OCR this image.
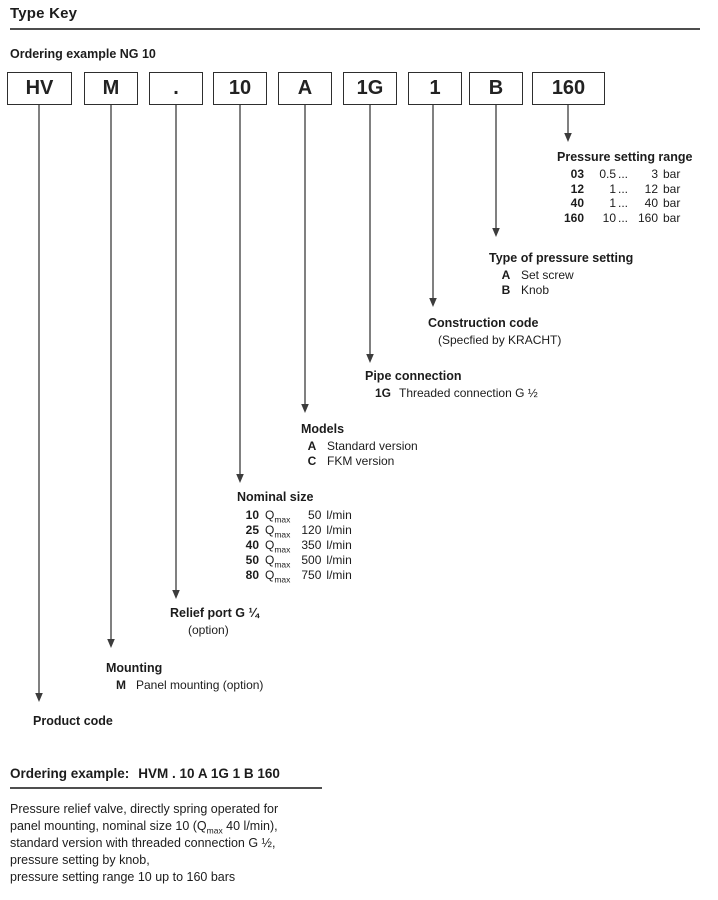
Type Key
Ordering example NG 10
HV	M	.	10	A	1G	1	B	160
Pressure setting range
03	0.5 ...	3 bar
12	1 ...	12 bar
40	1 ...	40 bar
160	10 ... 160 bar
Type of pressure setting
A Set screw
B Knob
Construction code
(Specfied by KRACHT)
Pipe connection
1G Threaded connection G ½
Models
A Standard version
C FKM version
Nominal size
10 $Q_{max}$	50 l/min
25 $Q_{max}$ 120 l/min
40 $Q_{max}$ 350 l/min
50 $Q_{max}$ 500 l/min
80 $Q_{max}$ 750 l/min
Relief port G ¼
(option)
Mounting
M Panel mounting (option)
Product code
Ordering example: HVM . 10 A 1G 1 B 160
Pressure relief valve, directly spring operated for
panel mounting, nominal size 10 ($Q_{max}$ 40 l/min),
standard version with threaded connection G ½,
pressure setting by knob,
pressure setting range 10 up to 160 bars
